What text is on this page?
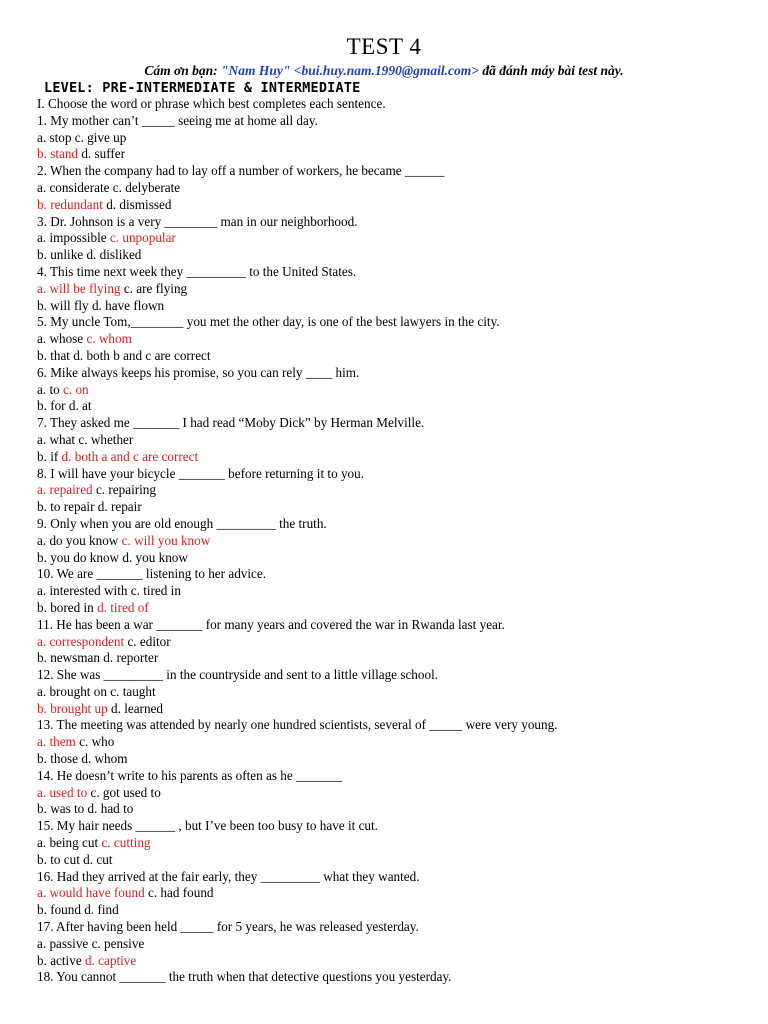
TEST 4
Cám ơn bạn: "Nam Huy" <bui.huy.nam.1990@gmail.com> đã đánh máy bài test này.
LEVEL: PRE-INTERMEDIATE & INTERMEDIATE
I. Choose the word or phrase which best completes each sentence.
1. My mother can’t _____ seeing me at home all day.
a. stop c. give up
b. stand d. suffer
2. When the company had to lay off a number of workers, he became ______
a. considerate c. delyberate
b. redundant d. dismissed
3. Dr. Johnson is a very ________ man in our neighborhood.
a. impossible c. unpopular
b. unlike d. disliked
4. This time next week they _________ to the United States.
a. will be flying c. are flying
b. will fly d. have flown
5. My uncle Tom,________ you met the other day, is one of the best lawyers in the city.
a. whose c. whom
b. that d. both b and c are correct
6. Mike always keeps his promise, so you can rely ____ him.
a. to c. on
b. for d. at
7. They asked me _______ I had read “Moby Dick” by Herman Melville.
a. what c. whether
b. if d. both a and c are correct
8. I will have your bicycle _______ before returning it to you.
a. repaired c. repairing
b. to repair d. repair
9. Only when you are old enough _________ the truth.
a. do you know c. will you know
b. you do know d. you know
10. We are _______ listening to her advice.
a. interested with c. tired in
b. bored in d. tired of
11. He has been a war _______ for many years and covered the war in Rwanda last year.
a. correspondent c. editor
b. newsman d. reporter
12. She was _________ in the countryside and sent to a little village school.
a. brought on c. taught
b. brought up d. learned
13. The meeting was attended by nearly one hundred scientists, several of _____ were very young.
a. them c. who
b. those d. whom
14. He doesn’t write to his parents as often as he _______
a. used to c. got used to
b. was to d. had to
15. My hair needs ______ , but I’ve been too busy to have it cut.
a. being cut c. cutting
b. to cut d. cut
16. Had they arrived at the fair early, they _________ what they wanted.
a. would have found c. had found
b. found d. find
17. After having been held _____ for 5 years, he was released yesterday.
a. passive c. pensive
b. active d. captive
18. You cannot _______ the truth when that detective questions you yesterday.
